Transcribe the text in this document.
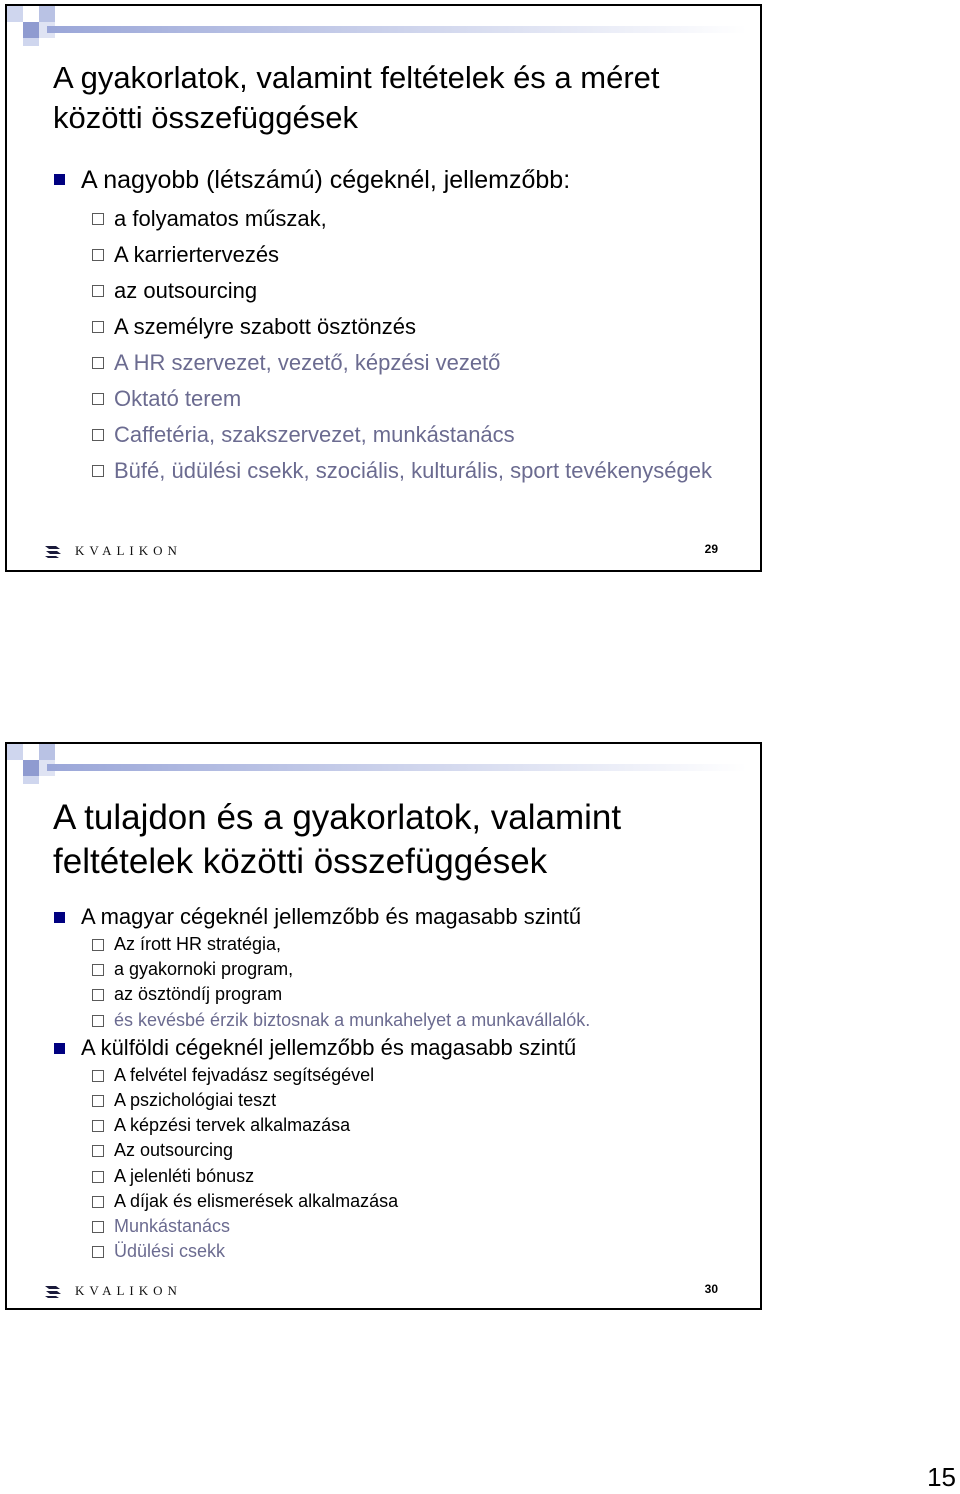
A gyakorlatok, valamint feltételek és a méret közötti összefüggések
A nagyobb (létszámú) cégeknél, jellemzőbb:
a folyamatos műszak,
A karriertervezés
az outsourcing
A személyre szabott ösztönzés
A HR szervezet, vezető, képzési vezető
Oktató terem
Caffetéria, szakszervezet, munkástanács
Büfé, üdülési csekk, szociális, kulturális, sport tevékenységek
KVALIKON	29
A tulajdon és a gyakorlatok, valamint feltételek közötti összefüggések
A magyar cégeknél jellemzőbb és magasabb szintű
Az írott HR stratégia,
a gyakornoki program,
az ösztöndíj program
és kevésbé érzik biztosnak a munkahelyet a munkavállalók.
A külföldi cégeknél jellemzőbb és magasabb szintű
A felvétel fejvadász segítségével
A pszichológiai teszt
A képzési tervek alkalmazása
Az outsourcing
A jelenléti bónusz
A díjak és elismerések alkalmazása
Munkástanács
Üdülési csekk
KVALIKON	30
15
